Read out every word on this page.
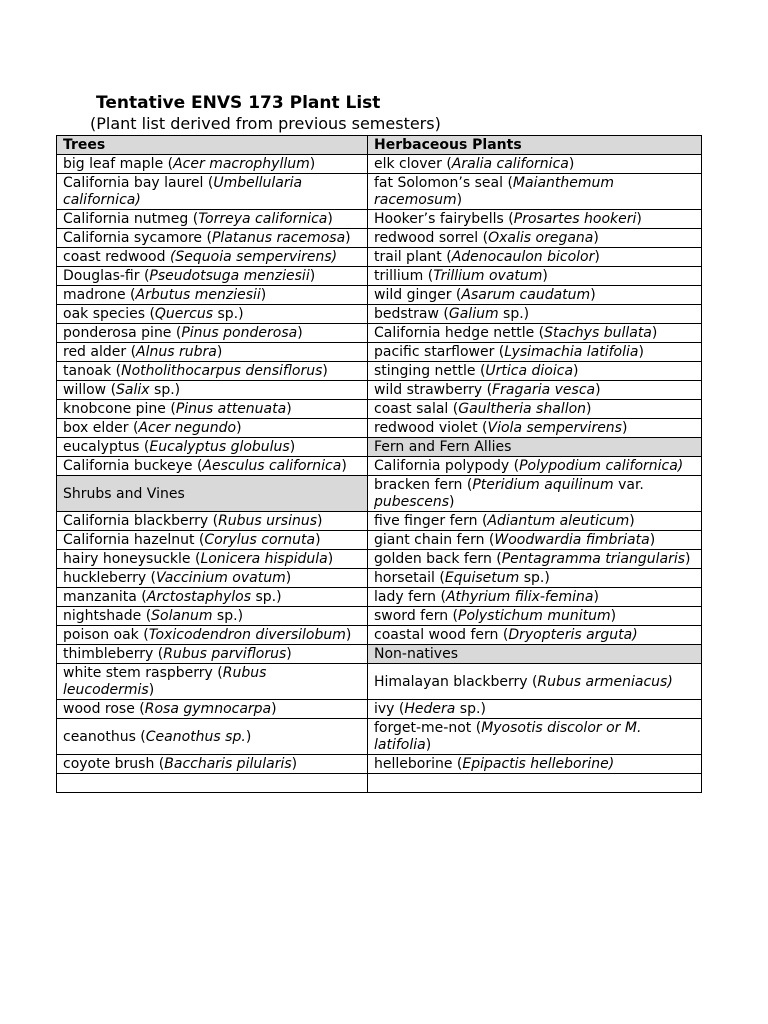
Tentative ENVS 173 Plant List

(Plant list derived from previous semesters)

Trees	Herbaceous Plants
big leaf maple (Acer macrophyllum)	elk clover (Aralia californica)
California bay laurel (Umbellularia californica)	fat Solomon’s seal (Maianthemum racemosum)
California nutmeg (Torreya californica)	Hooker’s fairybells (Prosartes hookeri)
California sycamore (Platanus racemosa)	redwood sorrel (Oxalis oregana)
coast redwood (Sequoia sempervirens)	trail plant (Adenocaulon bicolor)
Douglas-fir (Pseudotsuga menziesii)	trillium (Trillium ovatum)
madrone (Arbutus menziesii)	wild ginger (Asarum caudatum)
oak species (Quercus sp.)	bedstraw (Galium sp.)
ponderosa pine (Pinus ponderosa)	California hedge nettle (Stachys bullata)
red alder (Alnus rubra)	pacific starflower (Lysimachia latifolia)
tanoak (Notholithocarpus densiflorus)	stinging nettle (Urtica dioica)
willow (Salix sp.)	wild strawberry (Fragaria vesca)
knobcone pine (Pinus attenuata)	coast salal (Gaultheria shallon)
box elder (Acer negundo)	redwood violet (Viola sempervirens)
eucalyptus (Eucalyptus globulus)	Fern and Fern Allies
California buckeye (Aesculus californica)	California polypody (Polypodium californica)
Shrubs and Vines	bracken fern (Pteridium aquilinum var. pubescens)
California blackberry (Rubus ursinus)	five finger fern (Adiantum aleuticum)
California hazelnut (Corylus cornuta)	giant chain fern (Woodwardia fimbriata)
hairy honeysuckle (Lonicera hispidula)	golden back fern (Pentagramma triangularis)
huckleberry (Vaccinium ovatum)	horsetail (Equisetum sp.)
manzanita (Arctostaphylos sp.)	lady fern (Athyrium filix-femina)
nightshade (Solanum sp.)	sword fern (Polystichum munitum)
poison oak (Toxicodendron diversilobum)	coastal wood fern (Dryopteris arguta)
thimbleberry (Rubus parviflorus)	Non-natives
white stem raspberry (Rubus leucodermis)	Himalayan blackberry (Rubus armeniacus)
wood rose (Rosa gymnocarpa)	ivy (Hedera sp.)
ceanothus (Ceanothus sp.)	forget-me-not (Myosotis discolor or M. latifolia)
coyote brush (Baccharis pilularis)	helleborine (Epipactis helleborine)
